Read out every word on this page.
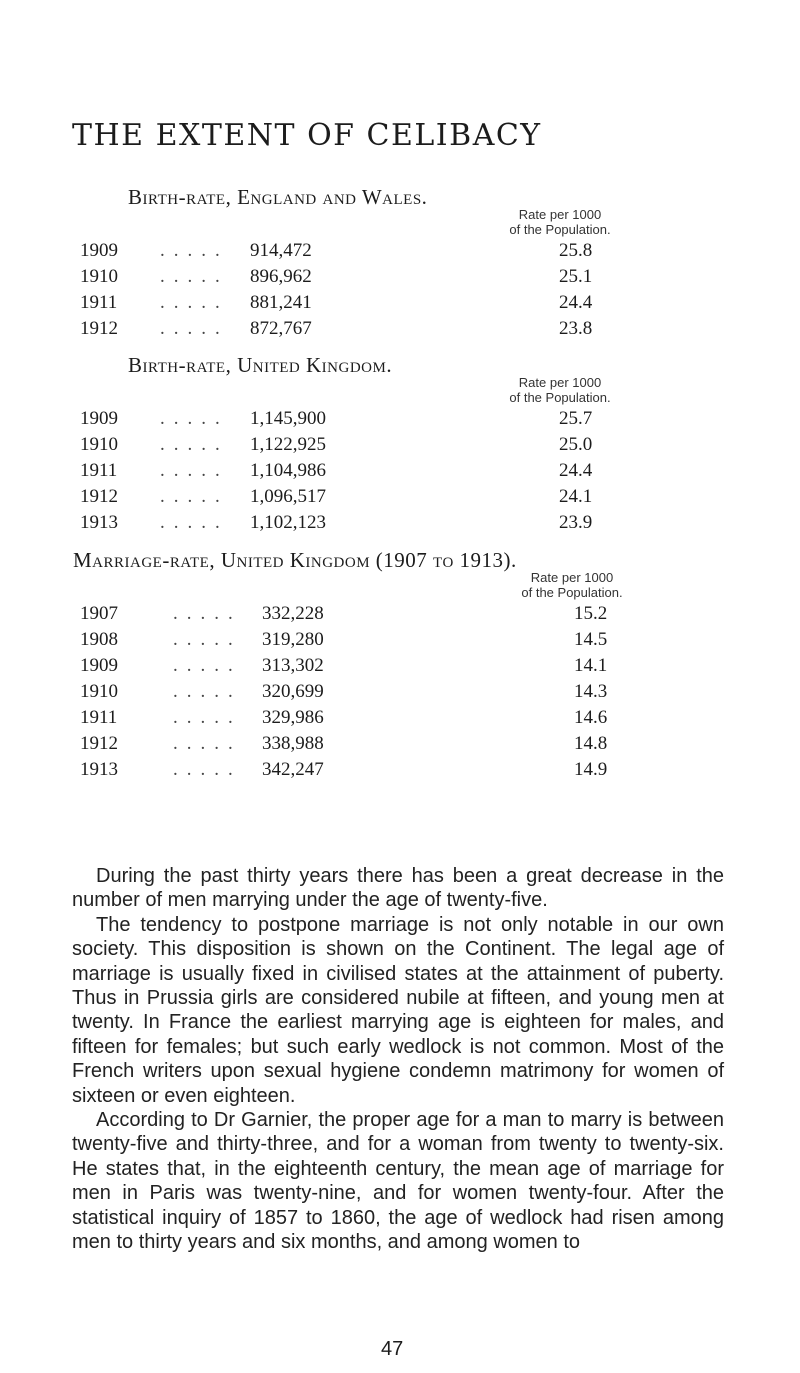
THE EXTENT OF CELIBACY
Birth-rate, England and Wales.
Rate per 1000
of the Population.
1909 ..... 914,472	25.8
1910 ..... 896,962	25.1
1911 ..... 881,241	24.4
1912 ..... 872,767	23.8
Birth-rate, United Kingdom.
Rate per 1000
of the Population.
1909 ..... 1,145,900	25.7
1910 ..... 1,122,925	25.0
1911 ..... 1,104,986	24.4
1912 ..... 1,096,517	24.1
1913 ..... 1,102,123	23.9
Marriage-rate, United Kingdom (1907 to 1913).
Rate per 1000
of the Population.
1907	..... 332,228	15.2
1908	..... 319,280	14.5
1909	..... 313,302	14.1
1910	..... 320,699	14.3
1911	..... 329,986	14.6
1912	..... 338,988	14.8
1913	..... 342,247	14.9

During the past thirty years there has been a great decrease in the number of men marrying under the age of twenty-five.

The tendency to postpone marriage is not only notable in our own society. This disposition is shown on the Continent. The legal age of marriage is usually fixed in civilised states at the attainment of puberty. Thus in Prussia girls are considered nubile at fifteen, and young men at twenty. In France the earliest marrying age is eighteen for males, and fifteen for females; but such early wedlock is not common. Most of the French writers upon sexual hygiene condemn matrimony for women of sixteen or even eighteen.

According to Dr Garnier, the proper age for a man to marry is between twenty-five and thirty-three, and for a woman from twenty to twenty-six. He states that, in the eighteenth century, the mean age of marriage for men in Paris was twenty-nine, and for women twenty-four. After the statistical inquiry of 1857 to 1860, the age of wedlock had risen among men to thirty years and six months, and among women to

47
